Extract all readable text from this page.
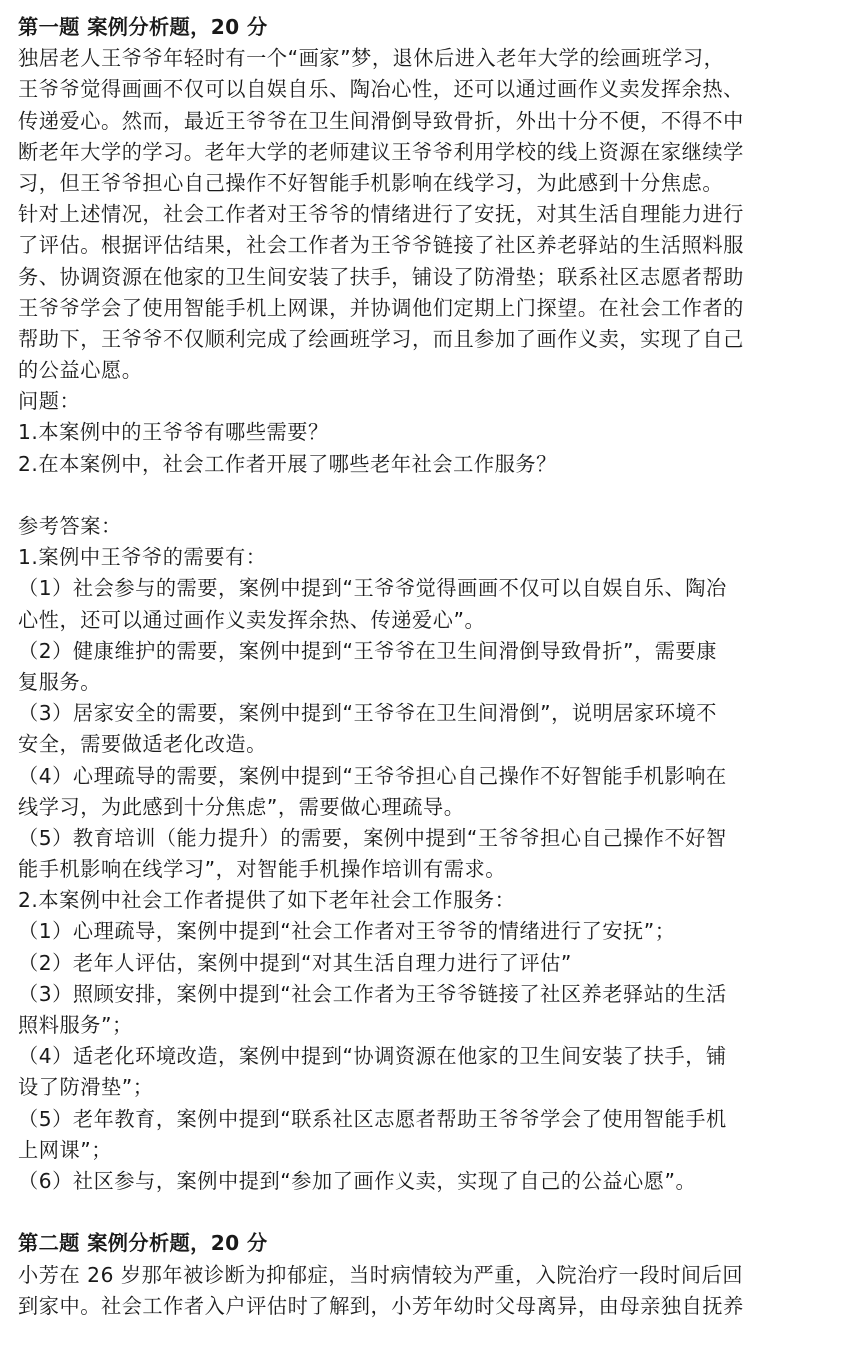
第一题 案例分析题，20 分
独居老人王爷爷年轻时有一个“画家”梦，退休后进入老年大学的绘画班学习，
王爷爷觉得画画不仅可以自娱自乐、陶冶心性，还可以通过画作义卖发挥余热、
传递爱心。然而，最近王爷爷在卫生间滑倒导致骨折，外出十分不便，不得不中
断老年大学的学习。老年大学的老师建议王爷爷利用学校的线上资源在家继续学
习，但王爷爷担心自己操作不好智能手机影响在线学习，为此感到十分焦虑。
针对上述情况，社会工作者对王爷爷的情绪进行了安抚，对其生活自理能力进行
了评估。根据评估结果，社会工作者为王爷爷链接了社区养老驿站的生活照料服
务、协调资源在他家的卫生间安装了扶手，铺设了防滑垫；联系社区志愿者帮助
王爷爷学会了使用智能手机上网课，并协调他们定期上门探望。在社会工作者的
帮助下，王爷爷不仅顺利完成了绘画班学习，而且参加了画作义卖，实现了自己
的公益心愿。
问题：
1.本案例中的王爷爷有哪些需要？
2.在本案例中，社会工作者开展了哪些老年社会工作服务？
参考答案：
1.案例中王爷爷的需要有：
（1）社会参与的需要，案例中提到“王爷爷觉得画画不仅可以自娱自乐、陶冶
心性，还可以通过画作义卖发挥余热、传递爱心”。
（2）健康维护的需要，案例中提到“王爷爷在卫生间滑倒导致骨折”，需要康
复服务。
（3）居家安全的需要，案例中提到“王爷爷在卫生间滑倒”，说明居家环境不
安全，需要做适老化改造。
（4）心理疏导的需要，案例中提到“王爷爷担心自己操作不好智能手机影响在
线学习，为此感到十分焦虑”，需要做心理疏导。
（5）教育培训（能力提升）的需要，案例中提到“王爷爷担心自己操作不好智
能手机影响在线学习”，对智能手机操作培训有需求。
2.本案例中社会工作者提供了如下老年社会工作服务：
（1）心理疏导，案例中提到“社会工作者对王爷爷的情绪进行了安抚”；
（2）老年人评估，案例中提到“对其生活自理力进行了评估”
（3）照顾安排，案例中提到“社会工作者为王爷爷链接了社区养老驿站的生活
照料服务”；
（4）适老化环境改造，案例中提到“协调资源在他家的卫生间安装了扶手，铺
设了防滑垫”；
（5）老年教育，案例中提到“联系社区志愿者帮助王爷爷学会了使用智能手机
上网课”；
（6）社区参与，案例中提到“参加了画作义卖，实现了自己的公益心愿”。
第二题 案例分析题，20 分
小芳在 26 岁那年被诊断为抑郁症，当时病情较为严重，入院治疗一段时间后回
到家中。社会工作者入户评估时了解到，小芳年幼时父母离异，由母亲独自抚养
